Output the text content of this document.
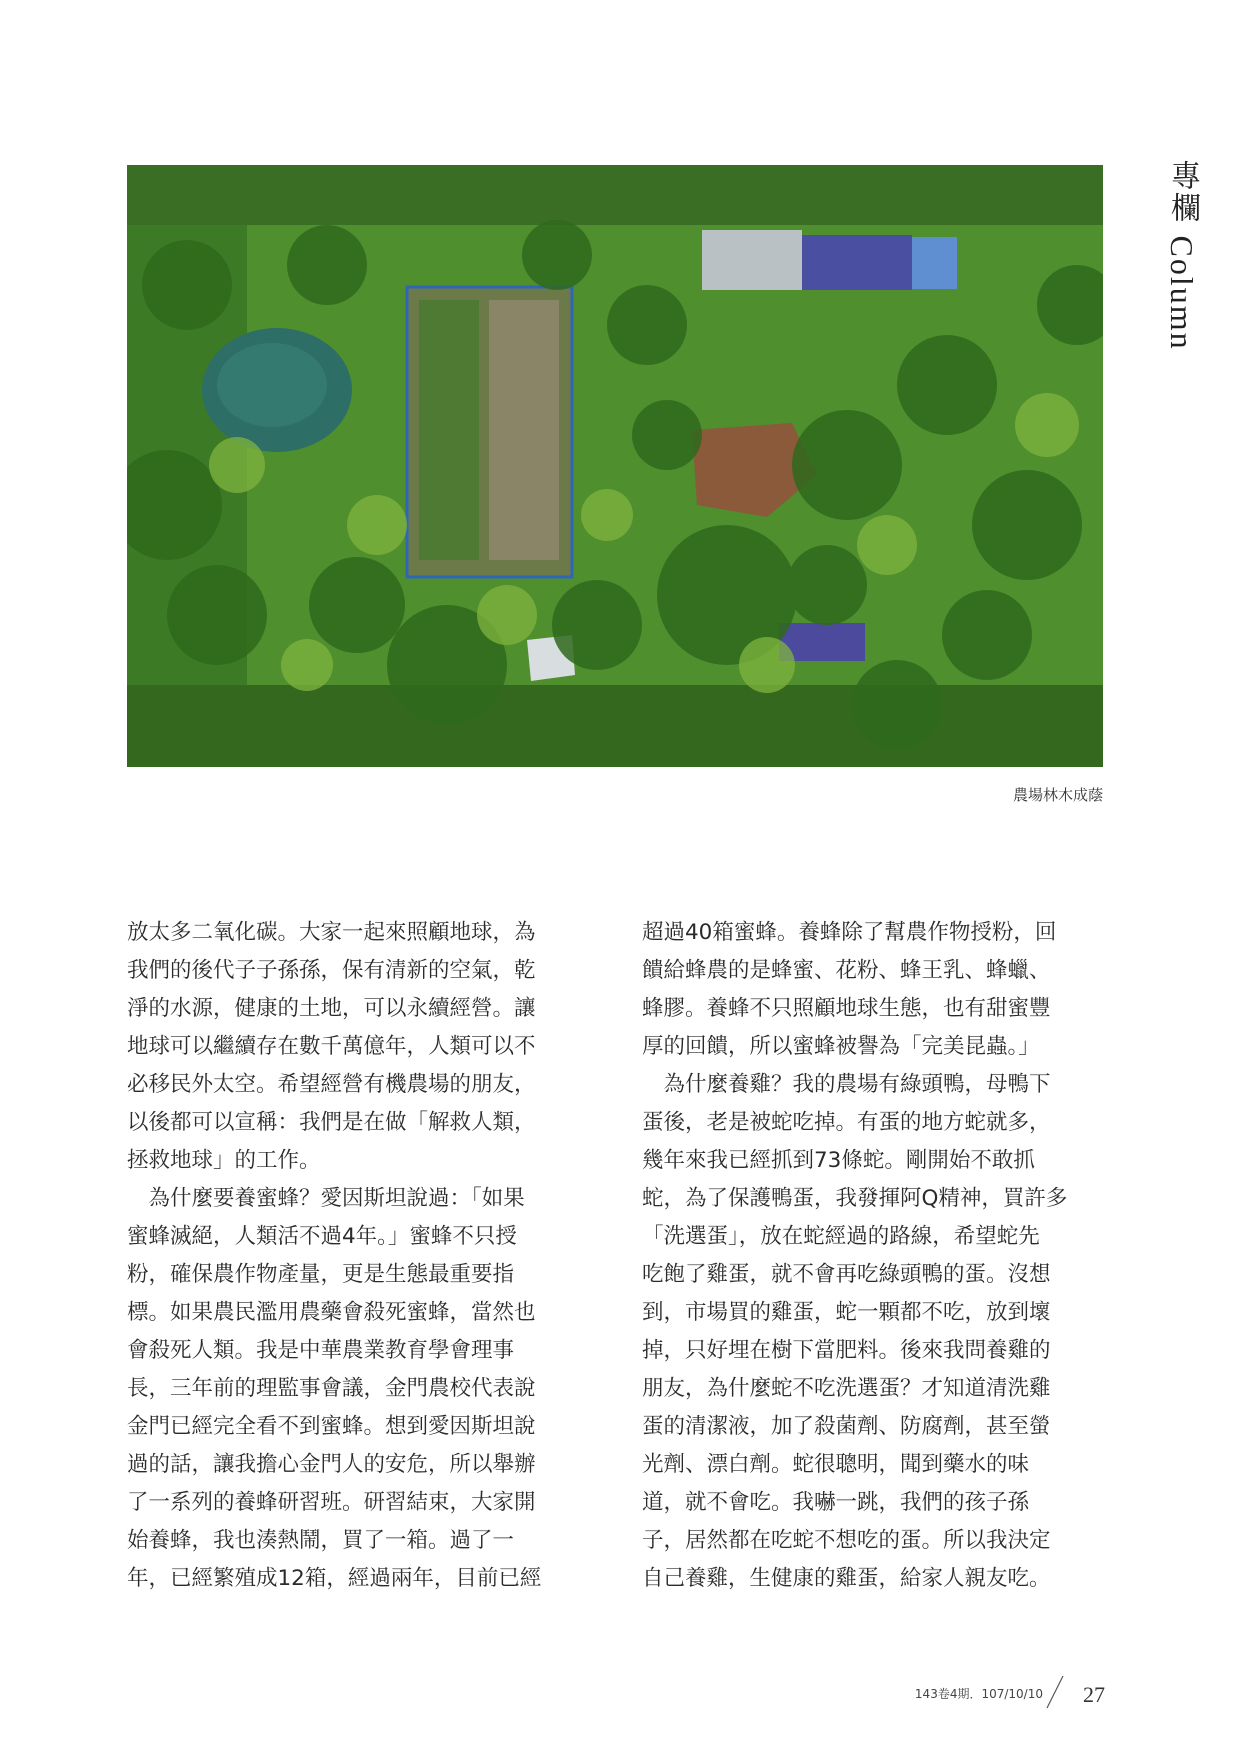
農場林木成蔭
專欄 Column
放太多二氧化碳。大家一起來照顧地球，為
我們的後代子子孫孫，保有清新的空氣，乾
淨的水源，健康的土地，可以永續經營。讓
地球可以繼續存在數千萬億年，人類可以不
必移民外太空。希望經營有機農場的朋友，
以後都可以宣稱：我們是在做「解救人類，
拯救地球」的工作。
　為什麼要養蜜蜂？愛因斯坦說過：「如果
蜜蜂滅絕，人類活不過4年。」蜜蜂不只授
粉，確保農作物產量，更是生態最重要指
標。如果農民濫用農藥會殺死蜜蜂，當然也
會殺死人類。我是中華農業教育學會理事
長，三年前的理監事會議，金門農校代表說
金門已經完全看不到蜜蜂。想到愛因斯坦說
過的話，讓我擔心金門人的安危，所以舉辦
了一系列的養蜂研習班。研習結束，大家開
始養蜂，我也湊熱鬧，買了一箱。過了一
年，已經繁殖成12箱，經過兩年，目前已經
超過40箱蜜蜂。養蜂除了幫農作物授粉，回
饋給蜂農的是蜂蜜、花粉、蜂王乳、蜂蠟、
蜂膠。養蜂不只照顧地球生態，也有甜蜜豐
厚的回饋，所以蜜蜂被譽為「完美昆蟲。」
　為什麼養雞？我的農場有綠頭鴨，母鴨下
蛋後，老是被蛇吃掉。有蛋的地方蛇就多，
幾年來我已經抓到73條蛇。剛開始不敢抓
蛇，為了保護鴨蛋，我發揮阿Q精神，買許多
「洗選蛋」，放在蛇經過的路線，希望蛇先
吃飽了雞蛋，就不會再吃綠頭鴨的蛋。沒想
到，市場買的雞蛋，蛇一顆都不吃，放到壞
掉，只好埋在樹下當肥料。後來我問養雞的
朋友，為什麼蛇不吃洗選蛋？才知道清洗雞
蛋的清潔液，加了殺菌劑、防腐劑，甚至螢
光劑、漂白劑。蛇很聰明，聞到藥水的味
道，就不會吃。我嚇一跳，我們的孩子孫
子，居然都在吃蛇不想吃的蛋。所以我決定
自己養雞，生健康的雞蛋，給家人親友吃。
143卷4期．107/10/10 27
